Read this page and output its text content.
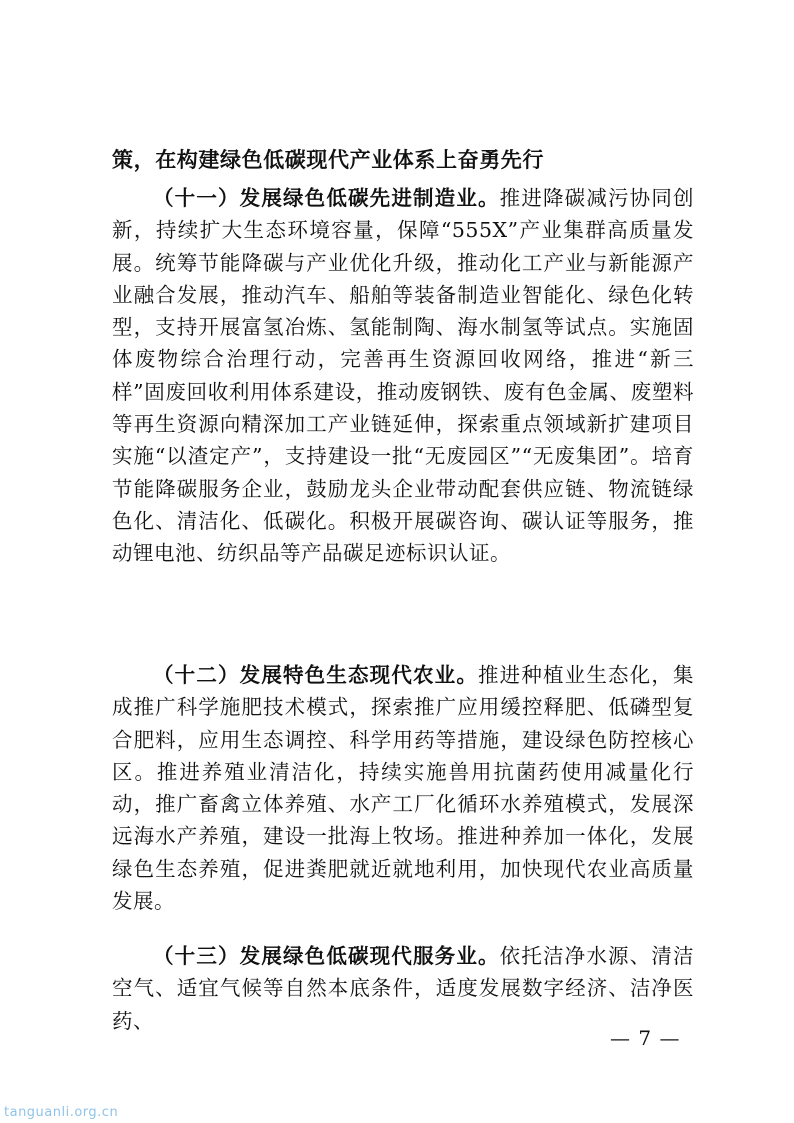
策，在构建绿色低碳现代产业体系上奋勇先行

（十一）发展绿色低碳先进制造业。推进降碳减污协同创新，持续扩大生态环境容量，保障“555X”产业集群高质量发展。统筹节能降碳与产业优化升级，推动化工产业与新能源产业融合发展，推动汽车、船舶等装备制造业智能化、绿色化转型，支持开展富氢冶炼、氢能制陶、海水制氢等试点。实施固体废物综合治理行动，完善再生资源回收网络，推进“新三样”固废回收利用体系建设，推动废钢铁、废有色金属、废塑料等再生资源向精深加工产业链延伸，探索重点领域新扩建项目实施“以渣定产”，支持建设一批“无废园区”“无废集团”。培育节能降碳服务企业，鼓励龙头企业带动配套供应链、物流链绿色化、清洁化、低碳化。积极开展碳咨询、碳认证等服务，推动锂电池、纺织品等产品碳足迹标识认证。

（十二）发展特色生态现代农业。推进种植业生态化，集成推广科学施肥技术模式，探索推广应用缓控释肥、低磷型复合肥料，应用生态调控、科学用药等措施，建设绿色防控核心区。推进养殖业清洁化，持续实施兽用抗菌药使用减量化行动，推广畜禽立体养殖、水产工厂化循环水养殖模式，发展深远海水产养殖，建设一批海上牧场。推进种养加一体化，发展绿色生态养殖，促进粪肥就近就地利用，加快现代农业高质量发展。

（十三）发展绿色低碳现代服务业。依托洁净水源、清洁空气、适宜气候等自然本底条件，适度发展数字经济、洁净医药、

— 7 —
tanguanli.org.cn
